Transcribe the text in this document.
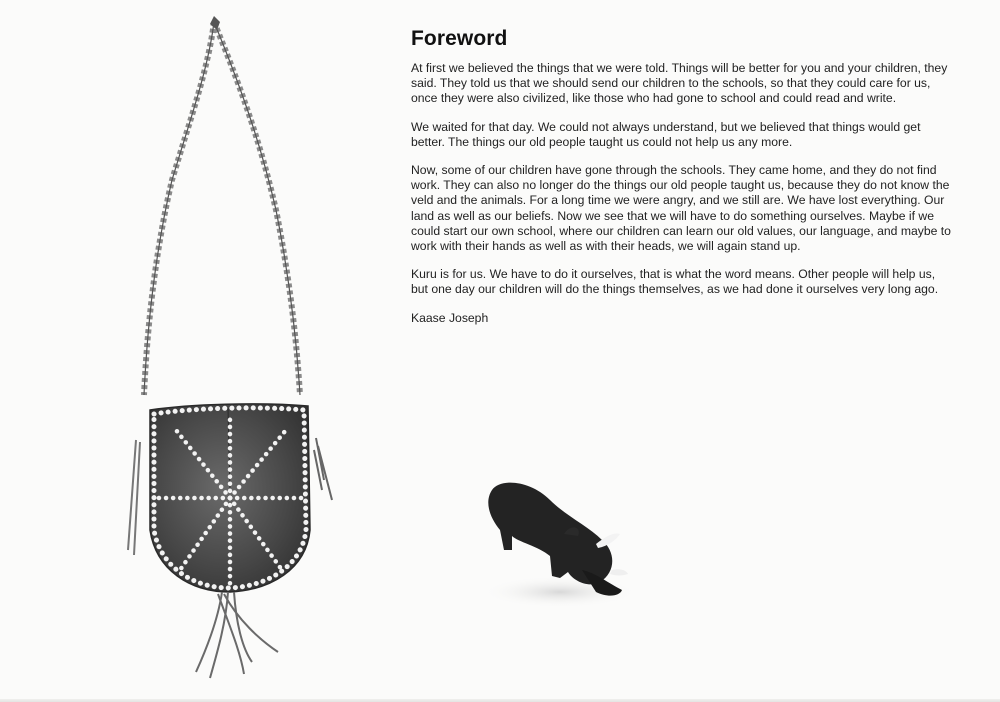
Foreword

At first we believed the things that we were told. Things will be better for you and your children, they said. They told us that we should send our children to the schools, so that they could care for us, once they were also civilized, like those who had gone to school and could read and write.

We waited for that day. We could not always understand, but we believed that things would get better. The things our old people taught us could not help us any more.

Now, some of our children have gone through the schools. They came home, and they do not find work. They can also no longer do the things our old people taught us, because they do not know the veld and the animals. For a long time we were angry, and we still are. We have lost everything. Our land as well as our beliefs. Now we see that we will have to do something ourselves. Maybe if we could start our own school, where our children can learn our old values, our language, and maybe to work with their hands as well as with their heads, we will again stand up.

Kuru is for us. We have to do it ourselves, that is what the word means. Other people will help us, but one day our children will do the things themselves, as we had done it ourselves very long ago.

Kaase Joseph
